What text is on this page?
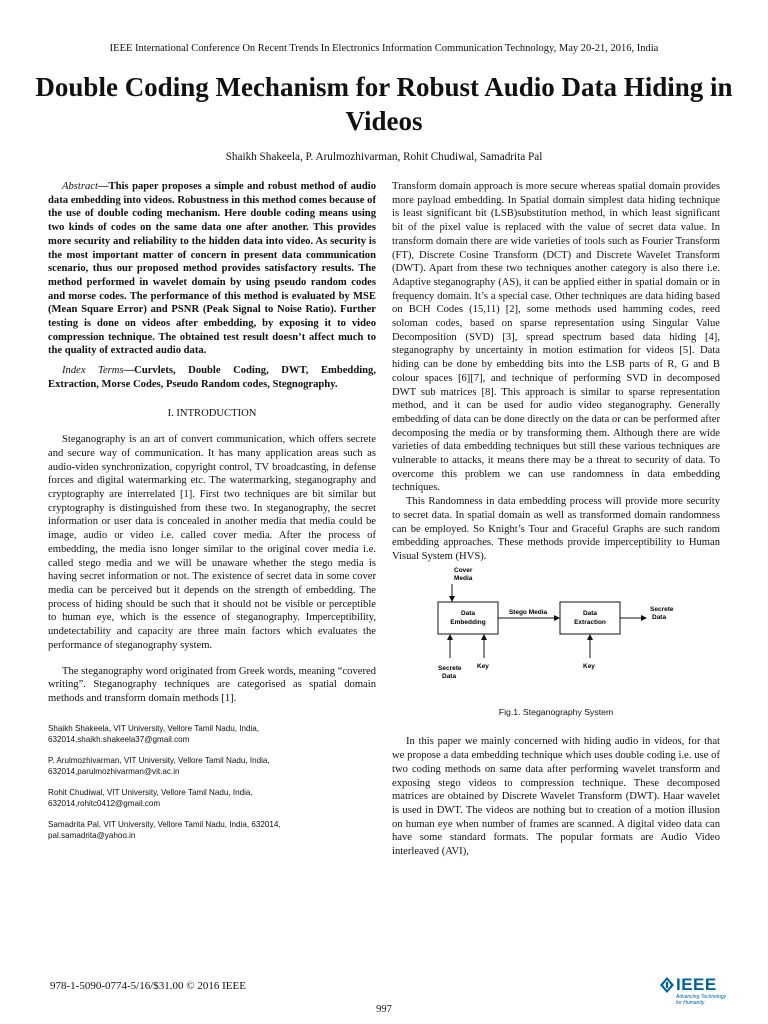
IEEE International Conference On Recent Trends In Electronics Information Communication Technology, May 20-21, 2016, India
Double Coding Mechanism for Robust Audio Data Hiding in Videos
Shaikh Shakeela, P. Arulmozhivarman, Rohit Chudiwal, Samadrita Pal

Abstract—This paper proposes a simple and robust method of audio data embedding into videos. Robustness in this method comes because of the use of double coding mechanism. Here double coding means using two kinds of codes on the same data one after another. This provides more security and reliability to the hidden data into video. As security is the most important matter of concern in present data communication scenario, thus our proposed method provides satisfactory results. The method performed in wavelet domain by using pseudo random codes and morse codes. The performance of this method is evaluated by MSE (Mean Square Error) and PSNR (Peak Signal to Noise Ratio). Further testing is done on videos after embedding, by exposing it to video compression technique. The obtained test result doesn’t affect much to the quality of extracted audio data.

Index Terms—Curvlets, Double Coding, DWT, Embedding, Extraction, Morse Codes, Pseudo Random codes, Stegnography.

I. INTRODUCTION

Steganography is an art of convert communication, which offers secrete and secure way of communication. It has many application areas such as audio-video synchronization, copyright control, TV broadcasting, in defense forces and digital watermarking etc. The watermarking, steganography and cryptography are interrelated [1]. First two techniques are bit similar but cryptography is distinguished from these two. In steganography, the secret information or user data is concealed in another media that media could be image, audio or video i.e. called cover media. After the process of embedding, the media isno longer similar to the original cover media i.e. called stego media and we will be unaware whether the stego media is having secret information or not. The existence of secret data in some cover media can be perceived but it depends on the strength of embedding. The process of hiding should be such that it should not be visible or perceptible to human eye, which is the essence of steganography. Imperceptibility, undetectability and capacity are three main factors which evaluates the performance of steganography system.

The steganography word originated from Greek words, meaning “covered writing”. Steganography techniques are categorised as spatial domain methods and transform domain methods [1].

Shaikh Shakeela, VIT University, Vellore Tamil Nadu, India,
632014,shaikh.shakeela37@gmail.com
P. Arulmozhivarman, VIT University, Vellore Tamil Nadu, India,
632014,parulmozhivarman@vit.ac.in
Rohit Chudiwal, VIT University, Vellore Tamil Nadu, India,
632014,rohitc0412@gmail.com
Samadrita Pal, VIT University, Vellore Tamil Nadu, India, 632014,
pal.samadrita@yahoo.in

Transform domain approach is more secure whereas spatial domain provides more payload embedding. In Spatial domain simplest data hiding technique is least significant bit (LSB)substitution method, in which least significant bit of the pixel value is replaced with the value of secret data value. In transform domain there are wide varieties of tools such as Fourier Transform (FT), Discrete Cosine Transform (DCT) and Discrete Wavelet Transform (DWT). Apart from these two techniques another category is also there i.e. Adaptive steganography (AS), it can be applied either in spatial domain or in frequency domain. It’s a special case. Other techniques are data hiding based on BCH Codes (15,11) [2], some methods used hamming codes, reed soloman codes, based on sparse representation using Singular Value Decomposition (SVD) [3], spread spectrum based data hiding [4], steganography by uncertainty in motion estimation for videos [5]. Data hiding can be done by embedding bits into the LSB parts of R, G and B colour spaces [6][7], and technique of performing SVD in decomposed DWT sub matrices [8]. This approach is similar to sparse representation method, and it can be used for audio video steganography. Generally embedding of data can be done directly on the data or can be performed after decomposing the media or by transforming them. Although there are wide varieties of data embedding techniques but still these various techniques are vulnerable to attacks, it means there may be a threat to security of data. To overcome this problem we can use randomness in data embedding techniques.

This Randomness in data embedding process will provide more security to secret data. In spatial domain as well as transformed domain randomness can be employed. So Knight’s Tour and Graceful Graphs are such random embedding approaches. These methods provide imperceptibility to Human Visual System (HVS).

Cover
Media
Data
Embedding
Stego Media	Data
Extraction
Secrete
Data
Secrete
Data
Key	Key
Fig.1. Steganography System

In this paper we mainly concerned with hiding audio in videos, for that we propose a data embedding technique which uses double coding i.e. use of two coding methods on same data after performing wavelet transform and exposing stego videos to compression technique. These decomposed matrices are obtained by Discrete Wavelet Transform (DWT). Haar wavelet is used in DWT. The videos are nothing but to creation of a motion illusion on human eye when number of frames are scanned. A digital video data can have some standard formats. The popular formats are Audio Video interleaved (AVI),

978-1-5090-0774-5/16/$31.00 © 2016 IEEE
997
IEEE
Advancing Technology
for Humanity
